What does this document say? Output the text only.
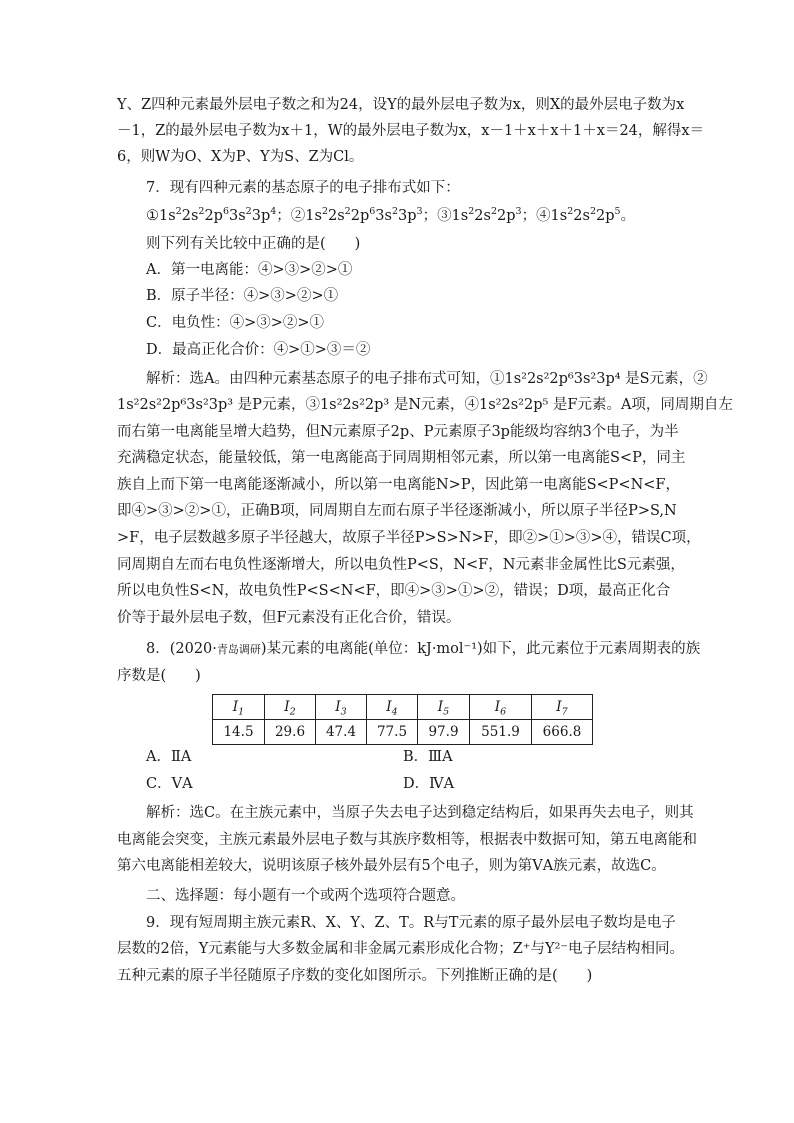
Y、Z四种元素最外层电子数之和为24，设Y的最外层电子数为x，则X的最外层电子数为x
－1，Z的最外层电子数为x＋1，W的最外层电子数为x，x－1＋x＋x＋1＋x＝24，解得x＝
6，则W为O、X为P、Y为S、Z为Cl。
7．现有四种元素的基态原子的电子排布式如下：
$①1s^22s^22p^63s^23p^4$；$②1s^22s^22p^63s^23p^3$；$③1s^22s^22p^3$；$④1s^22s^22p^5$。
则下列有关比较中正确的是(　　)
A．第一电离能：④>③>②>①
B．原子半径：④>③>②>①
C．电负性：④>③>②>①
D．最高正化合价：④>①>③＝②
解析：选A。由四种元素基态原子的电子排布式可知，①1s²2s²2p⁶3s²3p⁴ 是S元素，②
1s²2s²2p⁶3s²3p³ 是P元素，③1s²2s²2p³ 是N元素，④1s²2s²2p⁵ 是F元素。A项，同周期自左
而右第一电离能呈增大趋势，但N元素原子2p、P元素原子3p能级均容纳3个电子，为半
充满稳定状态，能量较低，第一电离能高于同周期相邻元素，所以第一电离能S<P，同主
族自上而下第一电离能逐渐减小，所以第一电离能N>P，因此第一电离能S<P<N<F，
即④>③>②>①，正确B项，同周期自左而右原子半径逐渐减小，所以原子半径P>S,N
>F，电子层数越多原子半径越大，故原子半径P>S>N>F，即②>①>③>④，错误C项，
同周期自左而右电负性逐渐增大，所以电负性P<S，N<F，N元素非金属性比S元素强，
所以电负性S<N，故电负性P<S<N<F，即④>③>①>②，错误；D项，最高正化合
价等于最外层电子数，但F元素没有正化合价，错误。
8．(2020·青岛调研)某元素的电离能(单位：kJ·mol⁻¹)如下，此元素位于元素周期表的族
序数是(　　)
$I_1$	$I_2$	$I_3$	$I_4$	$I_5$	$I_6$	$I_7$
14.5	29.6	47.4	77.5	97.9	551.9	666.8
A．ⅡA	B．ⅢA
C．ⅤA	D．ⅣA
解析：选C。在主族元素中，当原子失去电子达到稳定结构后，如果再失去电子，则其
电离能会突变，主族元素最外层电子数与其族序数相等，根据表中数据可知，第五电离能和
第六电离能相差较大，说明该原子核外最外层有5个电子，则为第ⅤA族元素，故选C。
二、选择题：每小题有一个或两个选项符合题意。
9．现有短周期主族元素R、X、Y、Z、T。R与T元素的原子最外层电子数均是电子
层数的2倍，Y元素能与大多数金属和非金属元素形成化合物；Z⁺与Y²⁻电子层结构相同。
五种元素的原子半径随原子序数的变化如图所示。下列推断正确的是(　　)
